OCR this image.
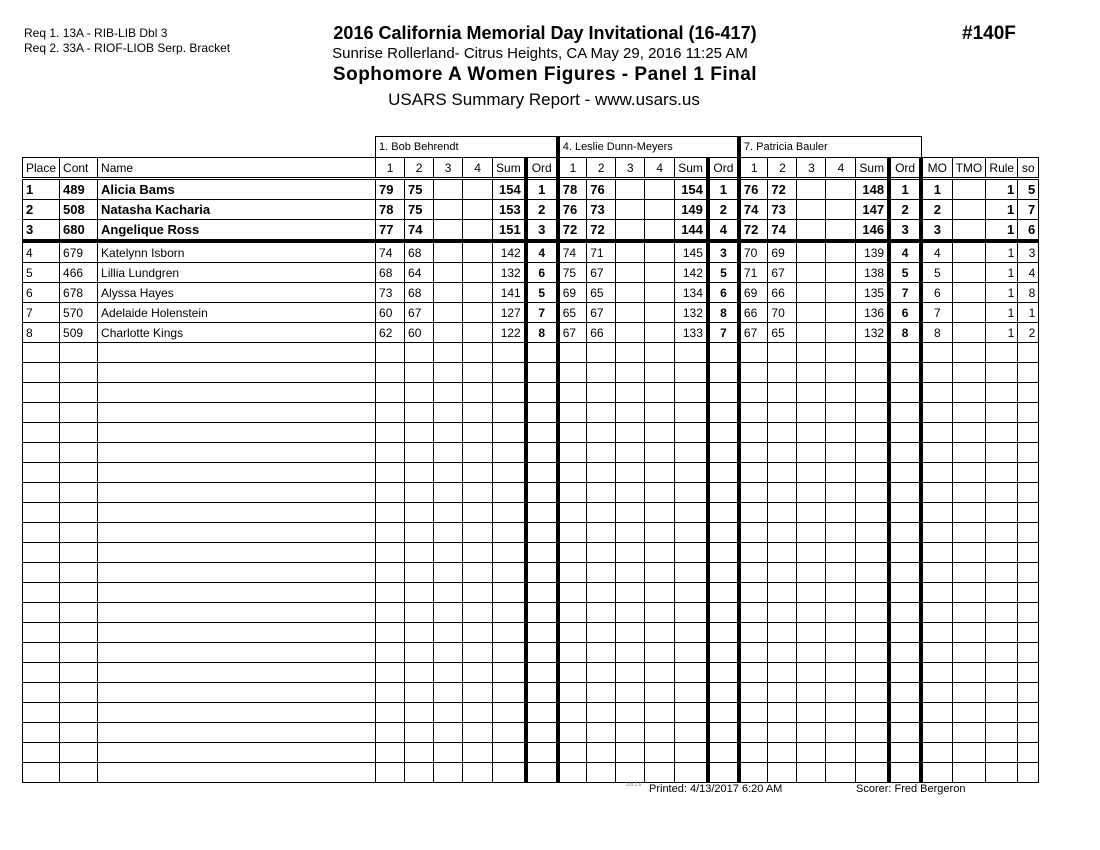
Req 1. 13A - RIB-LIB Dbl 3
Req 2. 33A - RIOF-LIOB Serp. Bracket
2016 California Memorial Day Invitational (16-417)
Sunrise Rollerland- Citrus Heights, CA May 29, 2016 11:25 AM
Sophomore A Women Figures - Panel 1 Final
USARS Summary Report - www.usars.us
#140F
			1. Bob Behrendt						4. Leslie Dunn-Meyers						7. Patricia Bauler									
Place	Cont	Name	1	2	3	4	Sum	Ord	1	2	3	4	Sum	Ord	1	2	3	4	Sum	Ord	MO	TMO	Rule	so
1	489	Alicia Bams	79	75			154	1	78	76			154	1	76	72			148	1	1		1	5
2	508	Natasha Kacharia	78	75			153	2	76	73			149	2	74	73			147	2	2		1	7
3	680	Angelique Ross	77	74			151	3	72	72			144	4	72	74			146	3	3		1	6
4	679	Katelynn Isborn	74	68			142	4	74	71			145	3	70	69			139	4	4		1	3
5	466	Lillia Lundgren	68	64			132	6	75	67			142	5	71	67			138	5	5		1	4
6	678	Alyssa Hayes	73	68			141	5	69	65			134	6	69	66			135	7	6		1	8
7	570	Adelaide Holenstein	60	67			127	7	65	67			132	8	66	70			136	6	7		1	1
8	509	Charlotte Kings	62	60			122	8	67	66			133	7	67	65			132	8	8		1	2

3.8.1.6 Printed: 4/13/2017 6:20 AM	Scorer: Fred Bergeron
